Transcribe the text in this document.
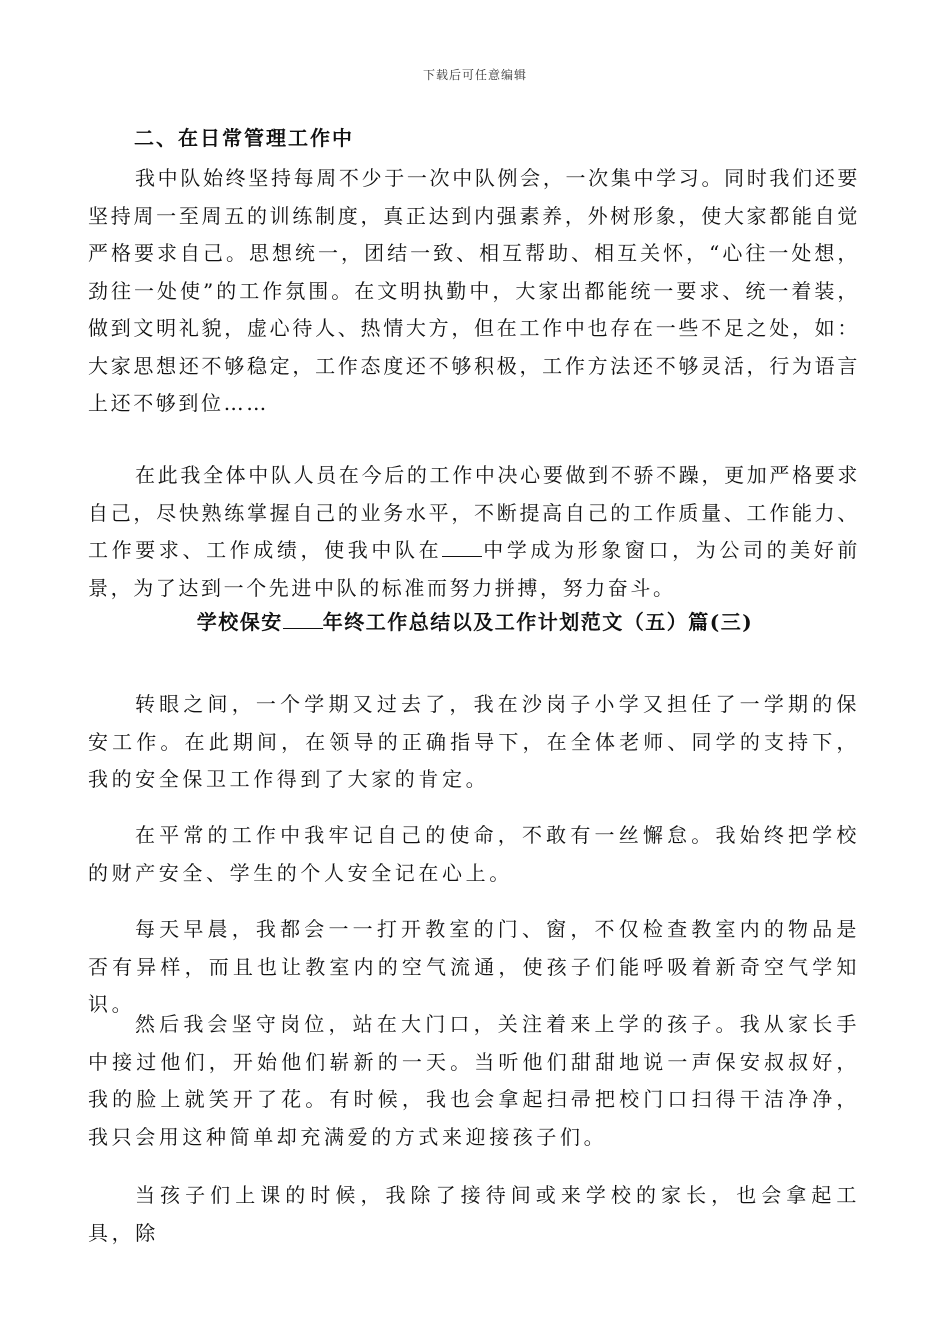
下载后可任意编辑
二、在日常管理工作中

我中队始终坚持每周不少于一次中队例会，一次集中学习。同时我们还要坚持周一至周五的训练制度，真正达到内强素养，外树形象，使大家都能自觉严格要求自己。思想统一，团结一致、相互帮助、相互关怀，“心往一处想，劲往一处使”的工作氛围。在文明执勤中，大家出都能统一要求、统一着装，做到文明礼貌，虚心待人、热情大方，但在工作中也存在一些不足之处，如：大家思想还不够稳定，工作态度还不够积极，工作方法还不够灵活，行为语言上还不够到位……

在此我全体中队人员在今后的工作中决心要做到不骄不躁，更加严格要求自己，尽快熟练掌握自己的业务水平，不断提高自己的工作质量、工作能力、工作要求、工作成绩，使我中队在 中学成为形象窗口，为公司的美好前景，为了达到一个先进中队的标准而努力拼搏，努力奋斗。

学校保安 年终工作总结以及工作计划范文（五）篇(三)

转眼之间，一个学期又过去了，我在沙岗子小学又担任了一学期的保安工作。在此期间，在领导的正确指导下，在全体老师、同学的支持下，我的安全保卫工作得到了大家的肯定。

在平常的工作中我牢记自己的使命，不敢有一丝懈怠。我始终把学校的财产安全、学生的个人安全记在心上。

每天早晨，我都会一一打开教室的门、窗，不仅检查教室内的物品是否有异样，而且也让教室内的空气流通，使孩子们能呼吸着新奇空气学知识。

然后我会坚守岗位，站在大门口，关注着来上学的孩子。我从家长手中接过他们，开始他们崭新的一天。当听他们甜甜地说一声保安叔叔好，我的脸上就笑开了花。有时候，我也会拿起扫帚把校门口扫得干洁净净，我只会用这种简单却充满爱的方式来迎接孩子们。

当孩子们上课的时候，我除了接待间或来学校的家长，也会拿起工具，除
